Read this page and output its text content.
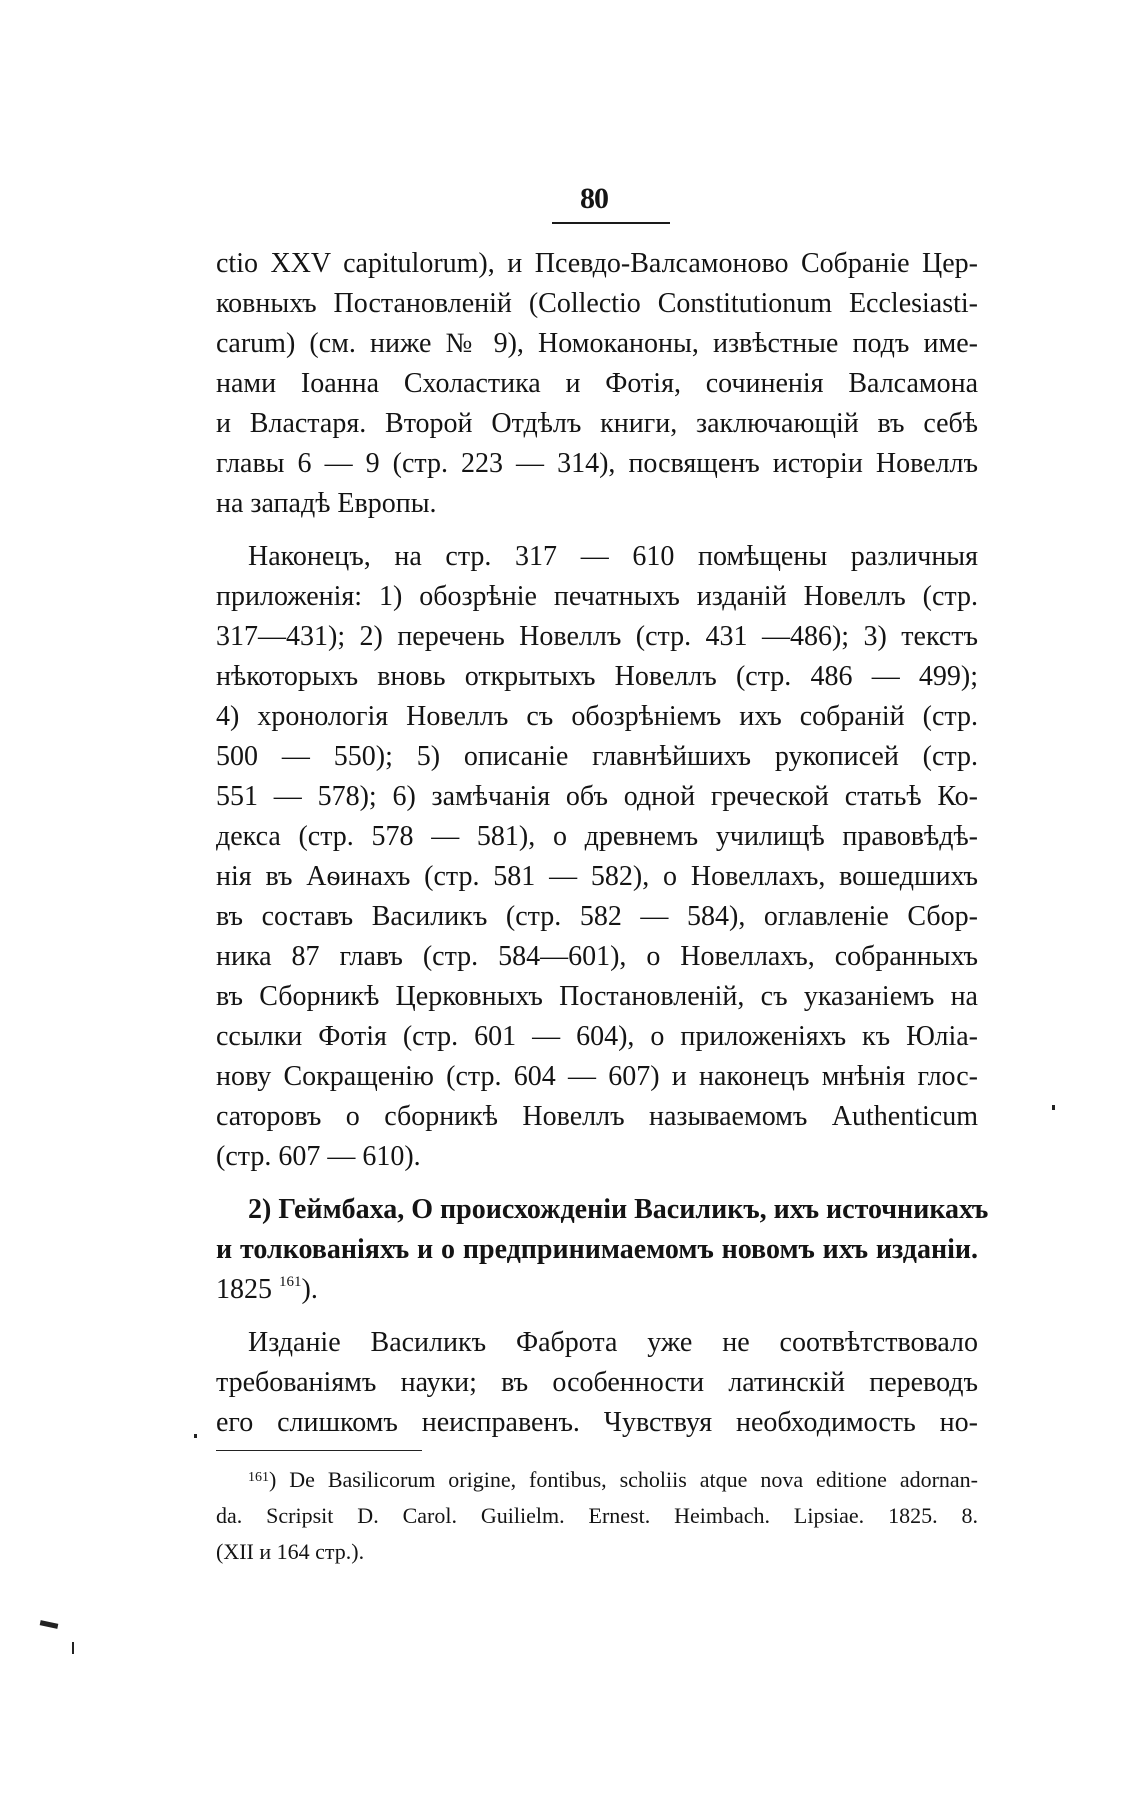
80
ctio XXV capitulorum), и Псевдо-Валсамоново Собраніе Цер-
ковныхъ Постановленій (Collectio Constitutionum Ecclesiasti-
carum) (см. ниже № 9), Номоканоны, извѣстные подъ име-
нами Іоанна Схоластика и Фотія, сочиненія Валсамона
и Властаря. Второй Отдѣлъ книги, заключающій въ себѣ
главы 6 — 9 (стр. 223 — 314), посвященъ исторіи Новеллъ
на западѣ Европы.
Наконецъ, на стр. 317 — 610 помѣщены различныя
приложенія: 1) обозрѣніе печатныхъ изданій Новеллъ (стр.
317—431); 2) перечень Новеллъ (стр. 431 —486); 3) текстъ
нѣкоторыхъ вновь открытыхъ Новеллъ (стр. 486 — 499);
4) хронологія Новеллъ съ обозрѣніемъ ихъ собраній (стр.
500 — 550); 5) описаніе главнѣйшихъ рукописей (стр.
551 — 578); 6) замѣчанія объ одной греческой статьѣ Ко-
декса (стр. 578 — 581), о древнемъ училищѣ правовѣдѣ-
нія въ Аѳинахъ (стр. 581 — 582), о Новеллахъ, вошедшихъ
въ составъ Василикъ (стр. 582 — 584), оглавленіе Сбор-
ника 87 главъ (стр. 584—601), о Новеллахъ, собранныхъ
въ Сборникѣ Церковныхъ Постановленій, съ указаніемъ на
ссылки Фотія (стр. 601 — 604), о приложеніяхъ къ Юліа-
нову Сокращенію (стр. 604 — 607) и наконецъ мнѣнія глос-
саторовъ о сборникѣ Новеллъ называемомъ Authenticum
(стр. 607 — 610).
2) Геймбаха, О происхожденіи Василикъ, ихъ источникахъ
и толкованіяхъ и о предпринимаемомъ новомъ ихъ изданіи.
1825 $^{161}$).
Изданіе Василикъ Фаброта уже не соотвѣтствовало
требованіямъ науки; въ особенности латинскій переводъ
его слишкомъ неисправенъ. Чувствуя необходимость но-
$^{161}$) De Basilicorum origine, fontibus, scholiis atque nova editione adornan-
da. Scripsit D. Carol. Guilielm. Ernest. Heimbach. Lipsiae. 1825. 8.
(XII и 164 стр.).
